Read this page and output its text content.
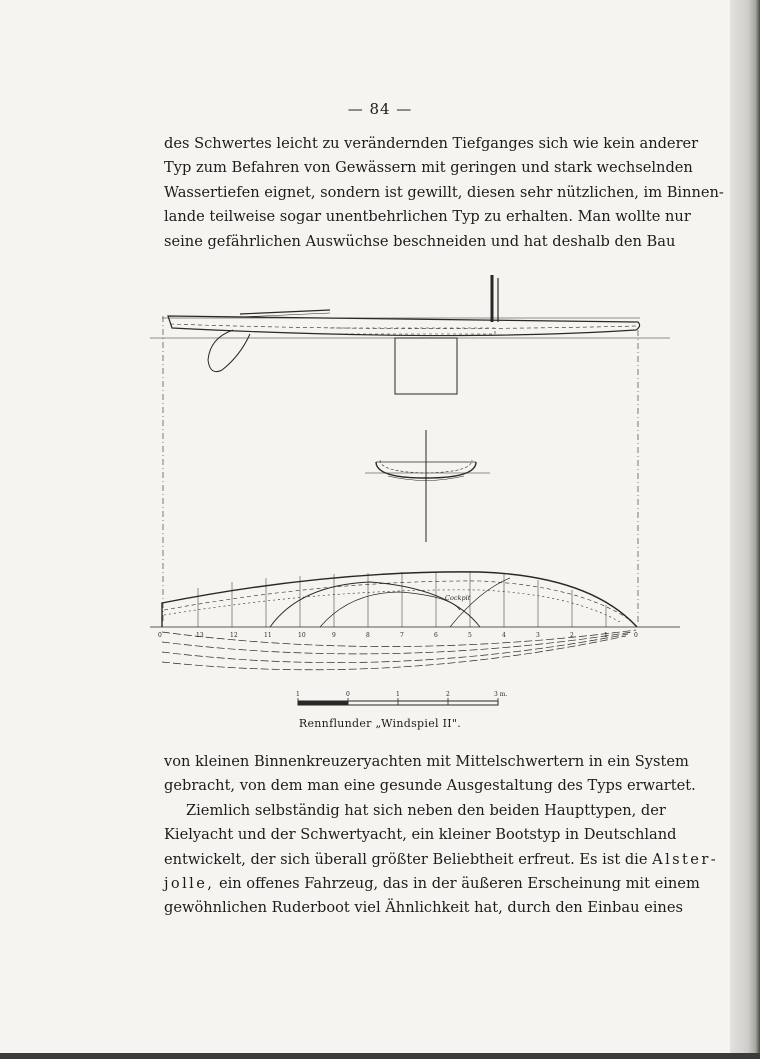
— 84 —
des Schwertes leicht zu verändernden Tiefganges sich wie kein anderer
Typ zum Befahren von Gewässern mit geringen und stark wechselnden
Wassertiefen eignet, sondern ist gewillt, diesen sehr nützlichen, im Binnen-
lande teilweise sogar unentbehrlichen Typ zu erhalten. Man wollte nur
seine gefährlichen Auswüchse beschneiden und hat deshalb den Bau
Cockpit
0	13	12	11	10	9	8	7	6	5	4	3	2	1	0
1	0	1	2	3 m.
Rennflunder „Windspiel II".
von kleinen Binnenkreuzeryachten mit Mittelschwertern in ein System
gebracht, von dem man eine gesunde Ausgestaltung des Typs erwartet.
Ziemlich selbständig hat sich neben den beiden Haupttypen, der
Kielyacht und der Schwertyacht, ein kleiner Bootstyp in Deutschland
entwickelt, der sich überall größter Beliebtheit erfreut. Es ist die Alster-
jolle, ein offenes Fahrzeug, das in der äußeren Erscheinung mit einem
gewöhnlichen Ruderboot viel Ähnlichkeit hat, durch den Einbau eines
